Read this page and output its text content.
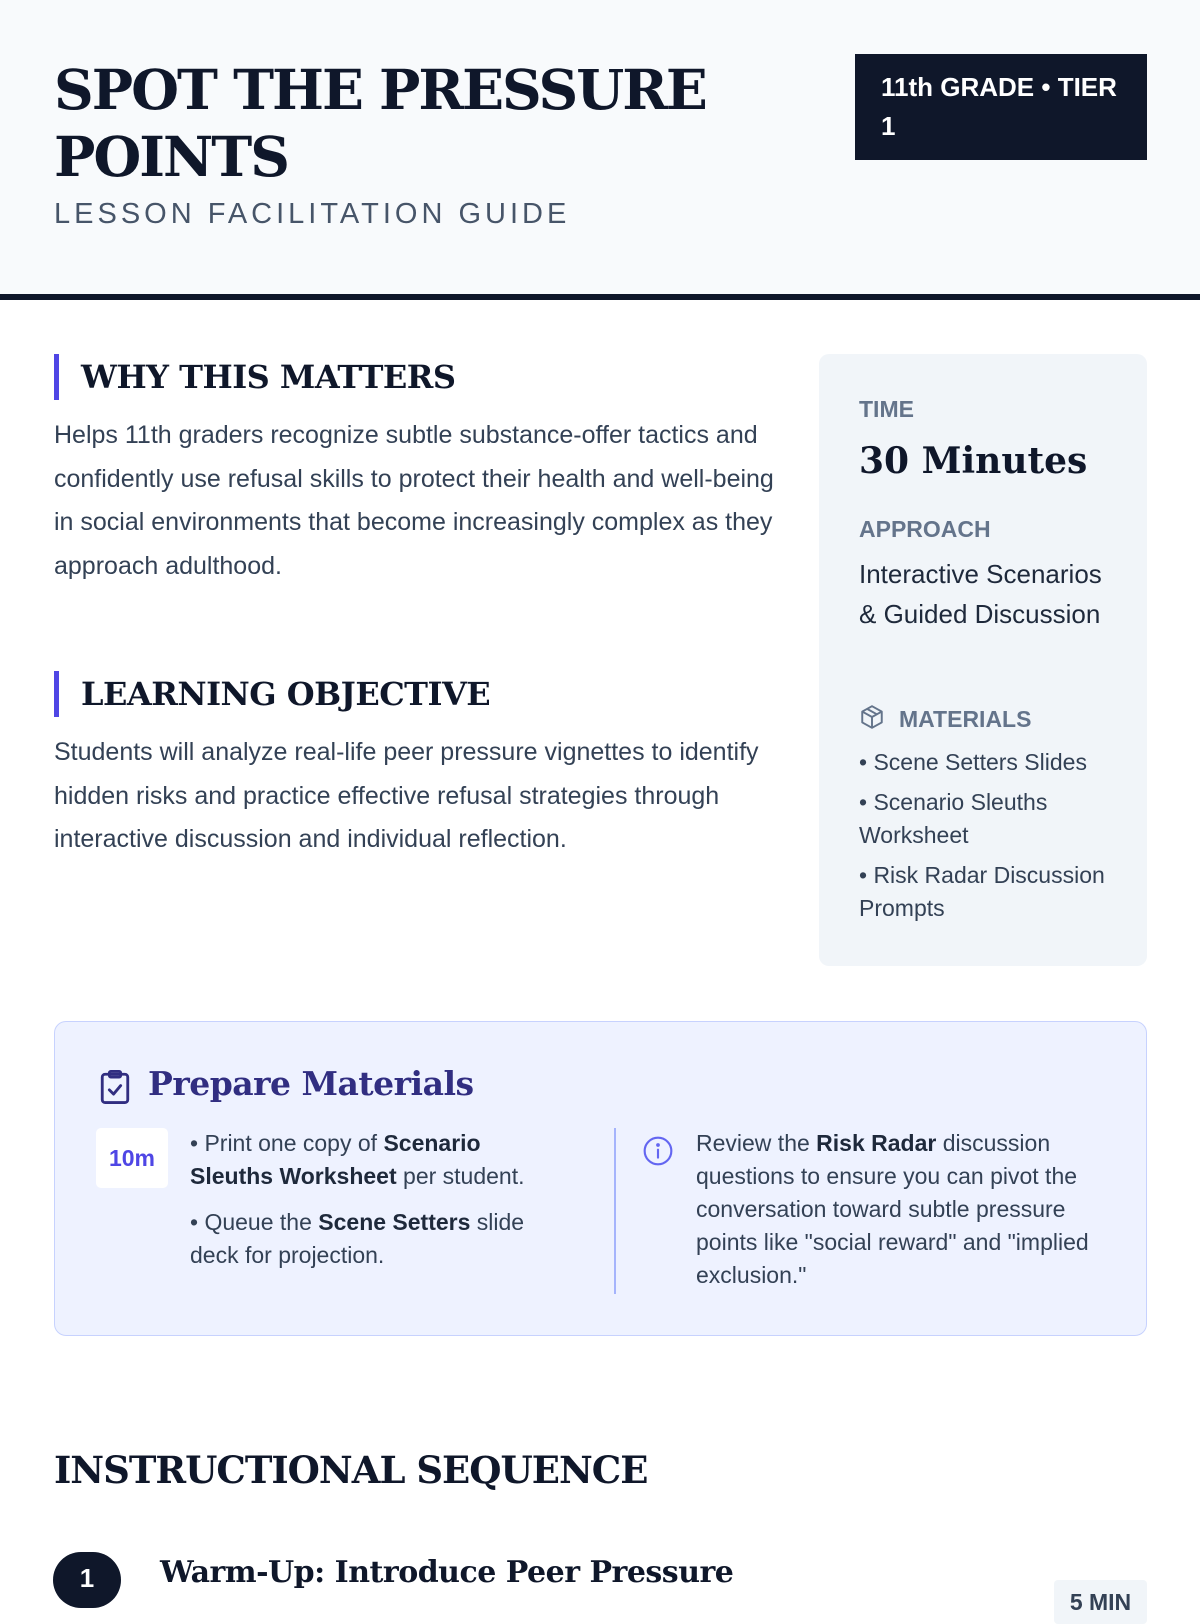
SPOT THE PRESSURE POINTS
LESSON FACILITATION GUIDE
11th GRADE • TIER 1
WHY THIS MATTERS

Helps 11th graders recognize subtle substance-offer tactics and confidently use refusal skills to protect their health and well-being in social environments that become increasingly complex as they approach adulthood.

LEARNING OBJECTIVE

Students will analyze real-life peer pressure vignettes to identify hidden risks and practice effective refusal strategies through interactive discussion and individual reflection.

TIME
30 Minutes
APPROACH
Interactive Scenarios & Guided Discussion
MATERIALS
• Scene Setters Slides
• Scenario Sleuths Worksheet
• Risk Radar Discussion Prompts
Prepare Materials
10m
• Print one copy of Scenario Sleuths Worksheet per student.
• Queue the Scene Setters slide deck for projection.

Review the Risk Radar discussion questions to ensure you can pivot the conversation toward subtle pressure points like "social reward" and "implied exclusion."

INSTRUCTIONAL SEQUENCE
1	Warm-Up: Introduce Peer Pressure
5 MIN
